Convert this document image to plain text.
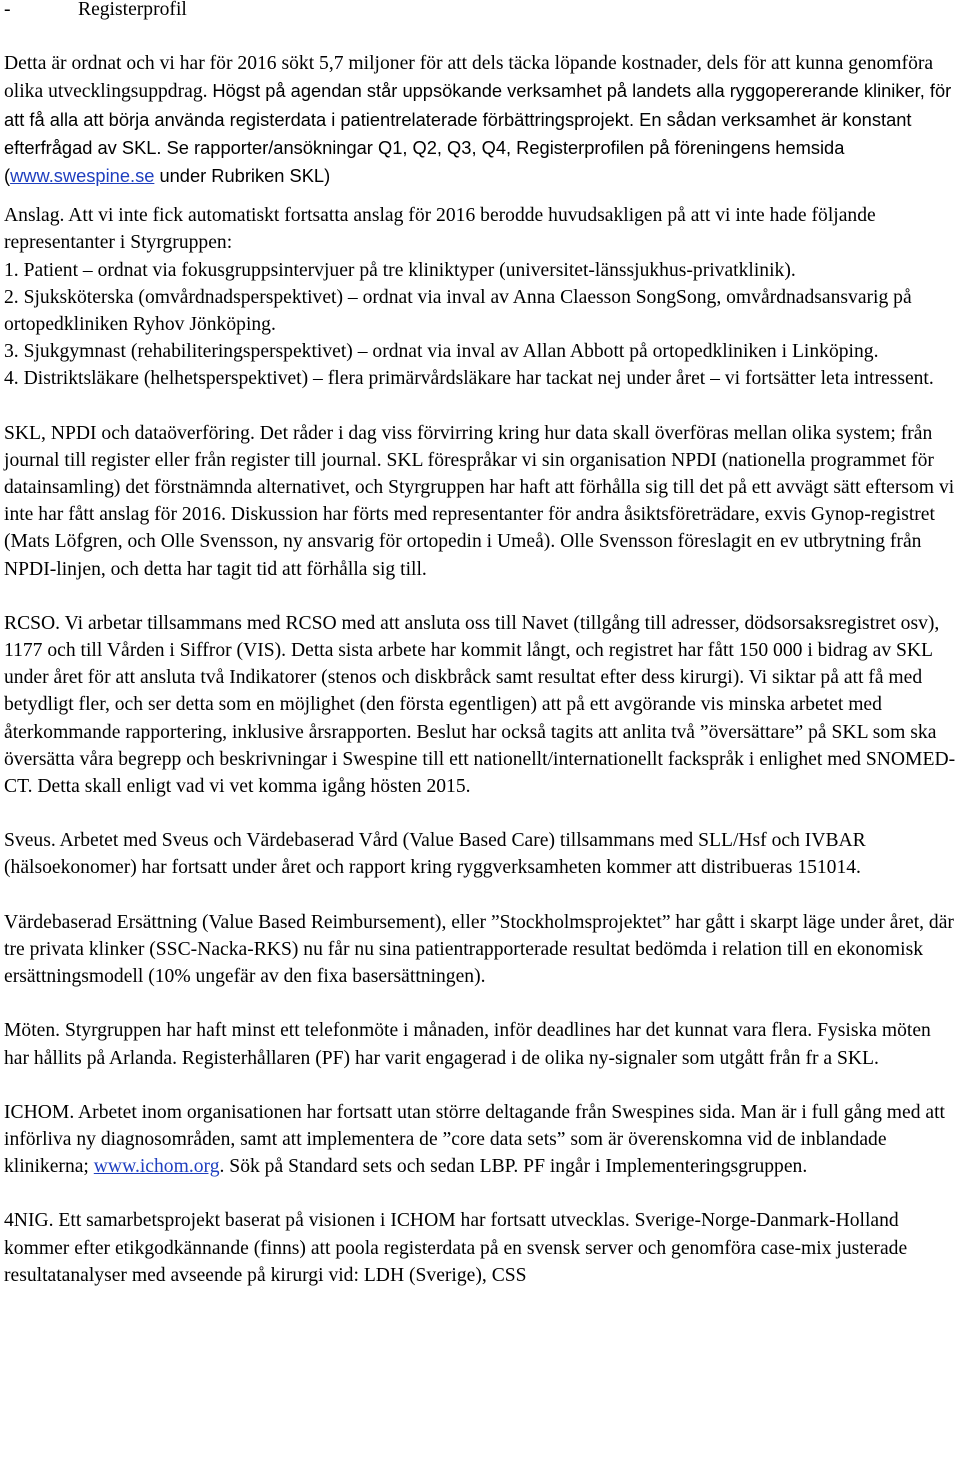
-	Registerprofil

Detta är ordnat och vi har för 2016 sökt 5,7 miljoner för att dels täcka löpande kostnader, dels för att kunna genomföra olika utvecklingsuppdrag. Högst på agendan står uppsökande verksamhet på landets alla ryggopererande kliniker, för att få alla att börja använda registerdata i patientrelaterade förbättringsprojekt. En sådan verksamhet är konstant efterfrågad av SKL. Se rapporter/ansökningar Q1, Q2, Q3, Q4, Registerprofilen på föreningens hemsida (www.swespine.se under Rubriken SKL)

Anslag. Att vi inte fick automatiskt fortsatta anslag för 2016 berodde huvudsakligen på att vi inte hade följande representanter i Styrgruppen:

1. Patient – ordnat via fokusgruppsintervjuer på tre kliniktyper (universitet-länssjukhus-privatklinik).

2. Sjuksköterska (omvårdnadsperspektivet) – ordnat via inval av Anna Claesson SongSong, omvårdnadsansvarig på ortopedkliniken Ryhov Jönköping.

3. Sjukgymnast (rehabiliteringsperspektivet) – ordnat via inval av Allan Abbott på ortopedkliniken i Linköping.

4. Distriktsläkare (helhetsperspektivet) – flera primärvårdsläkare har tackat nej under året – vi fortsätter leta intressent.

SKL, NPDI och dataöverföring. Det råder i dag viss förvirring kring hur data skall överföras mellan olika system; från journal till register eller från register till journal. SKL förespråkar vi sin organisation NPDI (nationella programmet för datainsamling) det förstnämnda alternativet, och Styrgruppen har haft att förhålla sig till det på ett avvägt sätt eftersom vi inte har fått anslag för 2016. Diskussion har förts med representanter för andra åsiktsföreträdare, exvis Gynop-registret (Mats Löfgren, och Olle Svensson, ny ansvarig för ortopedin i Umeå). Olle Svensson föreslagit en ev utbrytning från NPDI-linjen, och detta har tagit tid att förhålla sig till.

RCSO. Vi arbetar tillsammans med RCSO med att ansluta oss till Navet (tillgång till adresser, dödsorsaksregistret osv), 1177 och till Vården i Siffror (VIS). Detta sista arbete har kommit långt, och registret har fått 150 000 i bidrag av SKL under året för att ansluta två Indikatorer (stenos och diskbråck samt resultat efter dess kirurgi). Vi siktar på att få med betydligt fler, och ser detta som en möjlighet (den första egentligen) att på ett avgörande vis minska arbetet med återkommande rapportering, inklusive årsrapporten. Beslut har också tagits att anlita två ”översättare” på SKL som ska översätta våra begrepp och beskrivningar i Swespine till ett nationellt/internationellt fackspråk i enlighet med SNOMED-CT. Detta skall enligt vad vi vet komma igång hösten 2015.

Sveus. Arbetet med Sveus och Värdebaserad Vård (Value Based Care) tillsammans med SLL/Hsf och IVBAR (hälsoekonomer) har fortsatt under året och rapport kring ryggverksamheten kommer att distribueras 151014.

Värdebaserad Ersättning (Value Based Reimbursement), eller ”Stockholmsprojektet” har gått i skarpt läge under året, där tre privata klinker (SSC-Nacka-RKS) nu får nu sina patientrapporterade resultat bedömda i relation till en ekonomisk ersättningsmodell (10% ungefär av den fixa basersättningen).

Möten. Styrgruppen har haft minst ett telefonmöte i månaden, inför deadlines har det kunnat vara flera. Fysiska möten har hållits på Arlanda. Registerhållaren (PF) har varit engagerad i de olika ny-signaler som utgått från fr a SKL.

ICHOM. Arbetet inom organisationen har fortsatt utan större deltagande från Swespines sida. Man är i full gång med att införliva ny diagnosområden, samt att implementera de ”core data sets” som är överenskomna vid de inblandade klinikerna; www.ichom.org. Sök på Standard sets och sedan LBP. PF ingår i Implementeringsgruppen.

4NIG. Ett samarbetsprojekt baserat på visionen i ICHOM har fortsatt utvecklas. Sverige-Norge-Danmark-Holland kommer efter etikgodkännande (finns) att poola registerdata på en svensk server och genomföra case-mix justerade resultatanalyser med avseende på kirurgi vid: LDH (Sverige), CSS
